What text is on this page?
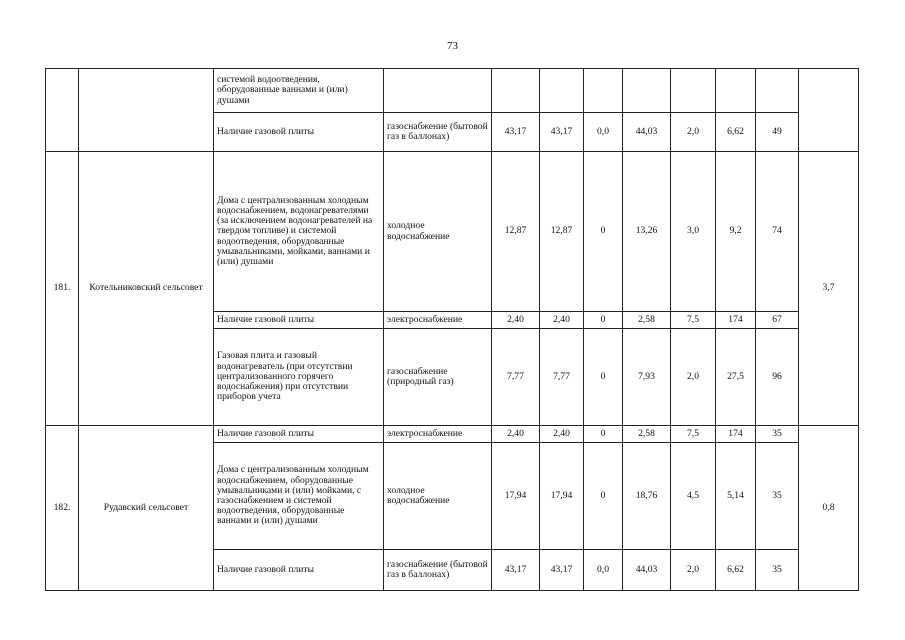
73
		системой водоотведения, оборудованные ваннами и (или) душами									
		Наличие газовой плиты	газоснабжение (бытовой газ в баллонах)	43,17	43,17	0,0	44,03	2,0	6,62	49	
181.	Котельниковский сельсовет	Дома с централизованным холодным водоснабжением, водонагревателями (за исключением водонагревателей на твердом топливе) и системой водоотведения, оборудованные умывальниками, мойками, ваннами и (или) душами	холодное водоснабжение	12,87	12,87	0	13,26	3,0	9,2	74	3,7
		Наличие газовой плиты	электроснабжение	2,40	2,40	0	2,58	7,5	174	67	
		Газовая плита и газовый водонагреватель (при отсутствии централизованного горячего водоснабжения) при отсутствии приборов учета	газоснабжение (природный газ)	7,77	7,77	0	7,93	2,0	27,5	96	
182.	Рудавский сельсовет	Наличие газовой плиты	электроснабжение	2,40	2,40	0	2,58	7,5	174	35	0,8
		Дома с централизованным холодным водоснабжением, оборудованные умывальниками и (или) мойками, с газоснабжением и системой водоотведения, оборудованные ваннами и (или) душами	холодное водоснабжение	17,94	17,94	0	18,76	4,5	5,14	35	
		Наличие газовой плиты	газоснабжение (бытовой газ в баллонах)	43,17	43,17	0,0	44,03	2,0	6,62	35	
